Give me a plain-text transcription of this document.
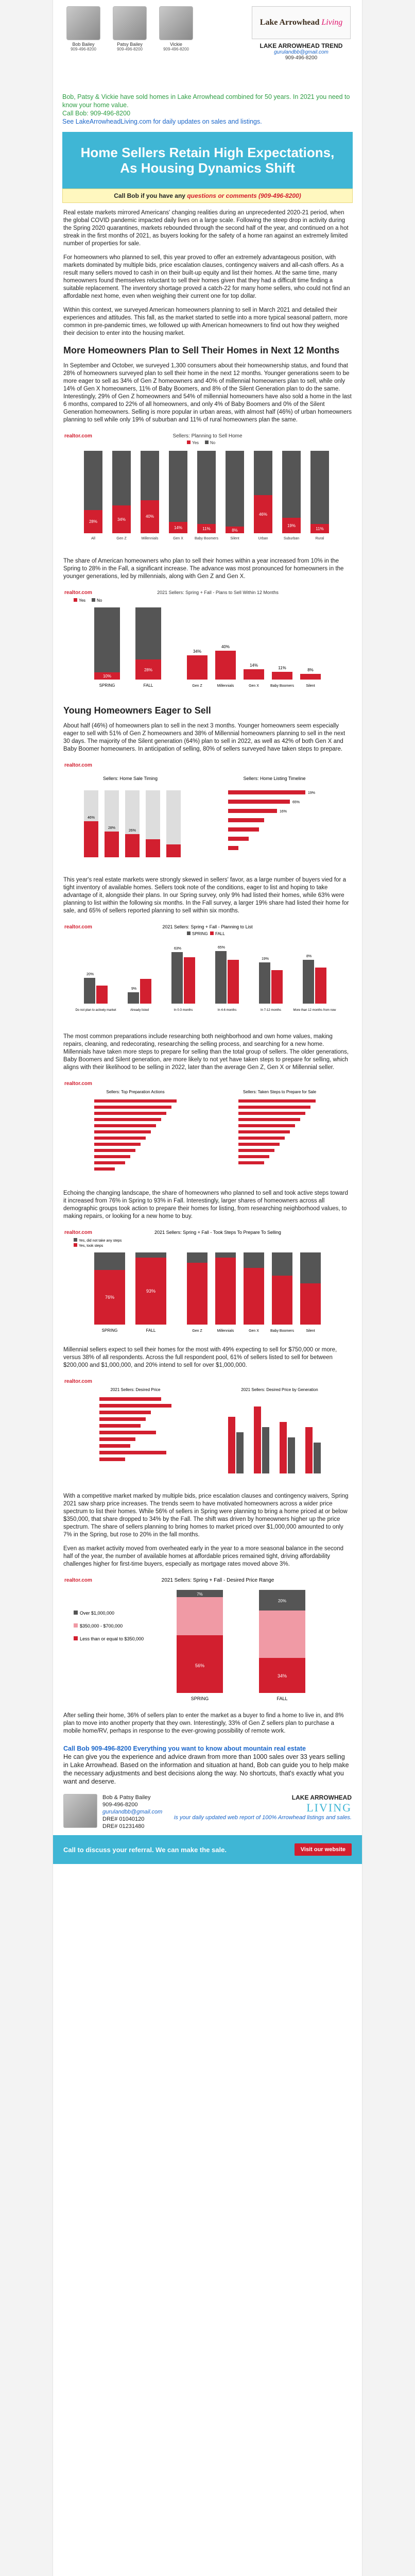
Bob Bailey
909-496-8200
Patsy Bailey
909-496-8200
Vickie
909-496-8200
Lake Arrowhead Living
LAKE ARROWHEAD TREND
gurulandbb@gmail.com
909-496-8200
Bob, Patsy & Vickie have sold homes in Lake Arrowhead combined for 50 years. In 2021 you need to know your home value.
Call Bob: 909-496-8200
See LakeArrowheadLiving.com for daily updates on sales and listings.
Home Sellers Retain High Expectations, As Housing Dynamics Shift
Call Bob if you have any questions or comments (909-496-8200)

Real estate markets mirrored Americans' changing realities during an unprecedented 2020-21 period, when the global COVID pandemic impacted daily lives on a large scale. Following the steep drop in activity during the Spring 2020 quarantines, markets rebounded through the second half of the year, and continued on a hot streak in the first months of 2021, as buyers looking for the safety of a home ran against an extremely limited number of properties for sale.

For homeowners who planned to sell, this year proved to offer an extremely advantageous position, with markets dominated by multiple bids, price escalation clauses, contingency waivers and all-cash offers. As a result many sellers moved to cash in on their built-up equity and list their homes. At the same time, many homeowners found themselves reluctant to sell their homes given that they had a difficult time finding a suitable replacement. The inventory shortage proved a catch-22 for many home sellers, who could not find an affordable next home, even when weighing their current one for top dollar.

Within this context, we surveyed American homeowners planning to sell in March 2021 and detailed their experiences and attitudes. This fall, as the market started to settle into a more typical seasonal pattern, more common in pre-pandemic times, we followed up with American homeowners to find out how they weighed their decision to enter into the housing market.

More Homeowners Plan to Sell Their Homes in Next 12 Months

In September and October, we surveyed 1,300 consumers about their homeownership status, and found that 28% of homeowners surveyed plan to sell their home in the next 12 months. Younger generations seem to be more eager to sell as 34% of Gen Z homeowners and 40% of millennial homeowners plan to sell, while only 14% of Gen X homeowners, 11% of Baby Boomers, and 8% of the Silent Generation plan to do the same. Interestingly, 29% of Gen Z homeowners and 54% of millennial homeowners have also sold a home in the last 6 months, compared to 22% of all homeowners, and only 4% of Baby Boomers and 0% of the Silent Generation homeowners. Selling is more popular in urban areas, with almost half (46%) of urban homeowners planning to sell while only 19% of suburban and 11% of rural homeowners plan the same.

realtor.com	Sellers: Planning to Sell Home
Yes	No
28%
All
34%
Gen Z
40%
Millennials
14%
Gen X
11%
Baby Boomers
8%
Silent
46%
Urban
19%
Suburban
11%
Rural

The share of American homeowners who plan to sell their homes within a year increased from 10% in the Spring to 28% in the Fall, a significant increase. The advance was most pronounced for homeowners in the younger generations, led by millennials, along with Gen Z and Gen X.

realtor.com	2021 Sellers: Spring + Fall - Plans to Sell Within 12 Months
Yes	No
10%
SPRING
28%
FALL
34%
Gen Z
40%
Millennials
14%
Gen X
11%
Baby Boomers
8%
Silent
Young Homeowners Eager to Sell

About half (46%) of homeowners plan to sell in the next 3 months. Younger homeowners seem especially eager to sell with 51% of Gen Z homeowners and 38% of Millennial homeowners planning to sell in the next 30 days. The majority of the Silent generation (64%) plan to sell in 2022, as well as 42% of both Gen X and Baby Boomer homeowners. In anticipation of selling, 80% of sellers surveyed have taken steps to prepare.

realtor.com
Sellers: Home Sale Timing	Sellers: Home Listing Timeline
46%
28%
26%
19%
65%
16%

This year's real estate markets were strongly skewed in sellers' favor, as a large number of buyers vied for a tight inventory of available homes. Sellers took note of the conditions, eager to list and hoping to take advantage of it, alongside their plans. In our Spring survey, only 9% had listed their homes, while 63% were planning to list within the following six months. In the Fall survey, a larger 19% share had listed their home for sale, and 65% of sellers reported planning to sell within six months.

realtor.com	2021 Sellers: Spring + Fall - Planning to List
SPRING FALL
20%
Do not plan to actively market
9%
Already listed
63%
In 0-3 months
65%
In 4-6 months
19%
In 7-12 months
8%
More than 12 months from now

The most common preparations include researching both neighborhood and own home values, making repairs, cleaning, and redecorating, researching the selling process, and searching for a new home. Millennials have taken more steps to prepare for selling than the total group of sellers. The older generations, Baby Boomers and Silent generation, are more likely to not yet have taken steps to prepare for selling, which aligns with their likelihood to be selling in 2022, later than the average Gen Z, Gen X or Millennial seller.

realtor.com
Sellers: Top Preparation Actions	Sellers: Taken Steps to Prepare for Sale

Echoing the changing landscape, the share of homeowners who planned to sell and took active steps toward it increased from 76% in Spring to 93% in Fall. Interestingly, larger shares of homeowners across all demographic groups took action to prepare their homes for listing, from researching neighborhood values, to making repairs, or looking for a new home to buy.

realtor.com	2021 Sellers: Spring + Fall - Took Steps To Prepare To Selling
Yes, did not take any steps
Yes, took steps
76%
SPRING
93%
FALL	Gen Z	Millennials	Gen X	Baby Boomers	Silent

Millennial sellers expect to sell their homes for the most with 49% expecting to sell for $750,000 or more, versus 38% of all respondents. Across the full respondent pool, 61% of sellers listed to sell for between $200,000 and $1,000,000, and 20% intend to sell for over $1,000,000.

realtor.com
2021 Sellers: Desired Price	2021 Sellers: Desired Price by Generation

With a competitive market marked by multiple bids, price escalation clauses and contingency waivers, Spring 2021 saw sharp price increases. The trends seem to have motivated homeowners across a wider price spectrum to list their homes. While 56% of sellers in Spring were planning to bring a home priced at or below $350,000, that share dropped to 34% by the Fall. The shift was driven by homeowners higher up the price spectrum. The share of sellers planning to bring homes to market priced over $1,000,000 amounted to only 7% in the Spring, but rose to 20% in the fall months.

Even as market activity moved from overheated early in the year to a more seasonal balance in the second half of the year, the number of available homes at affordable prices remained tight, driving affordability challenges higher for first-time buyers, especially as mortgage rates moved above 3%.

realtor.com	2021 Sellers: Spring + Fall - Desired Price Range
Over $1,000,000
$350,000 - $700,000
Less than or equal to $350,000
7%
56%
SPRING
20%
34%
FALL

After selling their home, 36% of sellers plan to enter the market as a buyer to find a home to live in, and 8% plan to move into another property that they own. Interestingly, 33% of Gen Z sellers plan to purchase a mobile home/RV, perhaps in response to the ever-growing possibility of remote work.

Call Bob 909-496-8200 Everything you want to know about mountain real estate
He can give you the experience and advice drawn from more than 1000 sales over 33 years selling in Lake Arrowhead. Based on the information and situation at hand, Bob can guide you to help make the necessary adjustments and best decisions along the way. No shortcuts, that's exactly what you want and deserve.
Bob & Patsy Bailey
909-496-8200
gurulandbb@gmail.com
DRE# 01040120
DRE# 01231480
LAKE ARROWHEAD
LIVING
is your daily updated web report of 100% Arrowhead listings and sales.
Call to discuss your referral. We can make the sale.	Visit our website
